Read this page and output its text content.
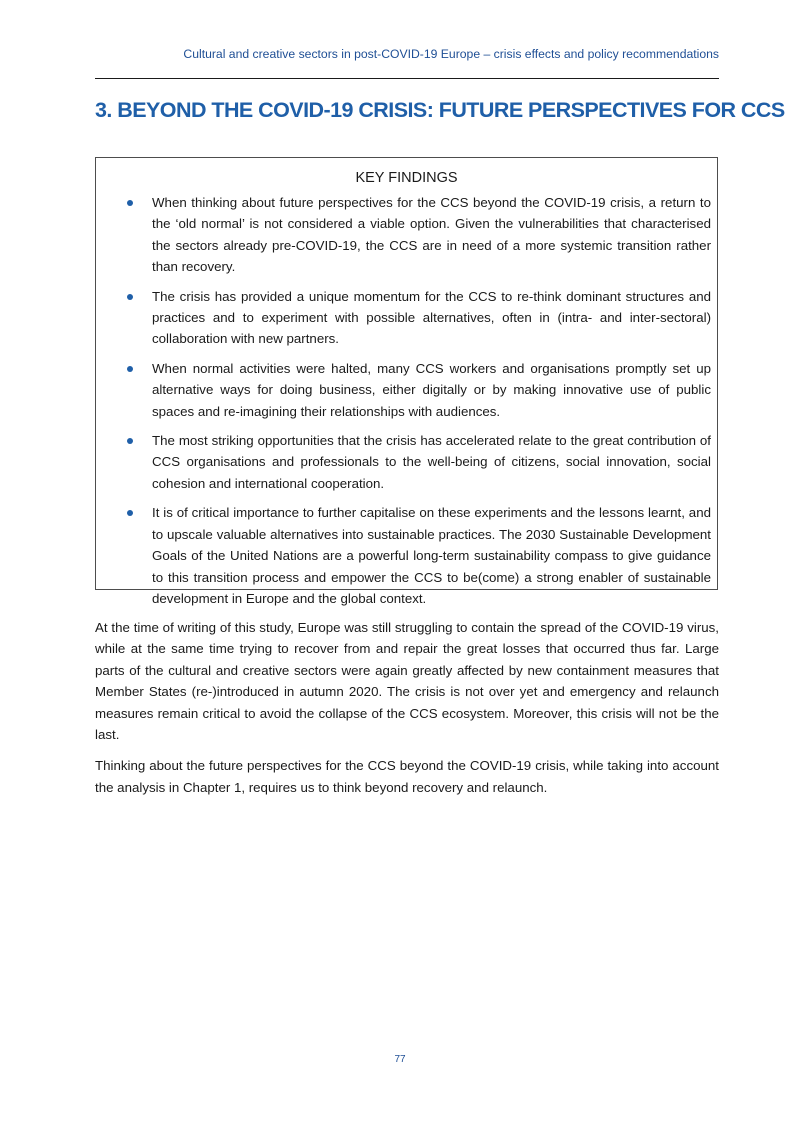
Cultural and creative sectors in post-COVID-19 Europe – crisis effects and policy recommendations
3. BEYOND THE COVID-19 CRISIS: FUTURE PERSPECTIVES FOR CCS
KEY FINDINGS
When thinking about future perspectives for the CCS beyond the COVID-19 crisis, a return to the ‘old normal’ is not considered a viable option. Given the vulnerabilities that characterised the sectors already pre-COVID-19, the CCS are in need of a more systemic transition rather than recovery.
The crisis has provided a unique momentum for the CCS to re-think dominant structures and practices and to experiment with possible alternatives, often in (intra- and inter-sectoral) collaboration with new partners.
When normal activities were halted, many CCS workers and organisations promptly set up alternative ways for doing business, either digitally or by making innovative use of public spaces and re-imagining their relationships with audiences.
The most striking opportunities that the crisis has accelerated relate to the great contribution of CCS organisations and professionals to the well-being of citizens, social innovation, social cohesion and international cooperation.
It is of critical importance to further capitalise on these experiments and the lessons learnt, and to upscale valuable alternatives into sustainable practices. The 2030 Sustainable Development Goals of the United Nations are a powerful long-term sustainability compass to give guidance to this transition process and empower the CCS to be(come) a strong enabler of sustainable development in Europe and the global context.

At the time of writing of this study, Europe was still struggling to contain the spread of the COVID-19 virus, while at the same time trying to recover from and repair the great losses that occurred thus far. Large parts of the cultural and creative sectors were again greatly affected by new containment measures that Member States (re-)introduced in autumn 2020. The crisis is not over yet and emergency and relaunch measures remain critical to avoid the collapse of the CCS ecosystem. Moreover, this crisis will not be the last.

Thinking about the future perspectives for the CCS beyond the COVID-19 crisis, while taking into account the analysis in Chapter 1, requires us to think beyond recovery and relaunch.

77
